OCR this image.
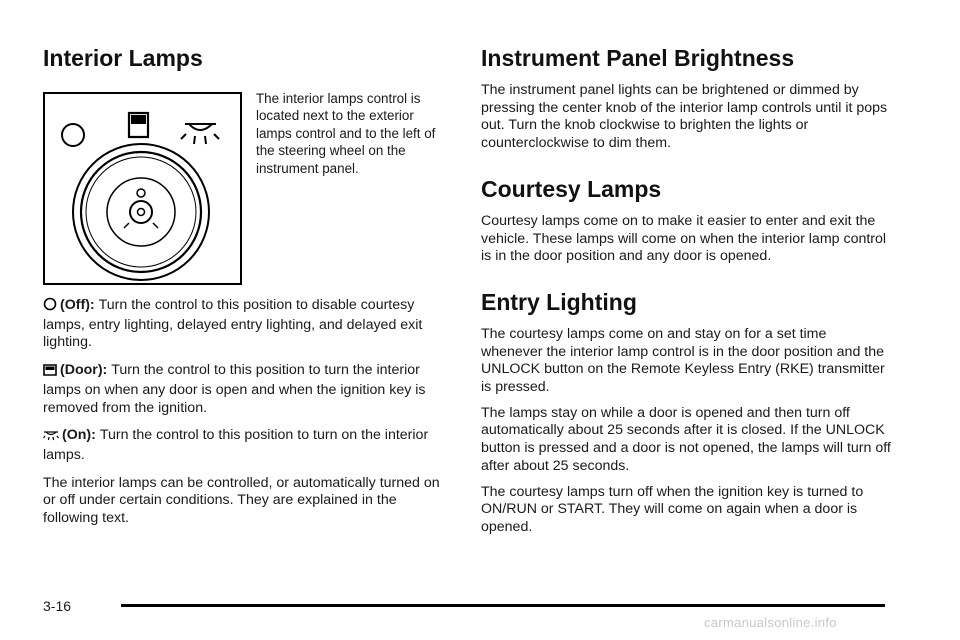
Interior Lamps

The interior lamps control is located next to the exterior lamps control and to the left of the steering wheel on the instrument panel.

(Off): Turn the control to this position to disable courtesy lamps, entry lighting, delayed entry lighting, and delayed exit lighting.

(Door): Turn the control to this position to turn the interior lamps on when any door is open and when the ignition key is removed from the ignition.

(On): Turn the control to this position to turn on the interior lamps.

The interior lamps can be controlled, or automatically turned on or off under certain conditions. They are explained in the following text.

Instrument Panel Brightness

The instrument panel lights can be brightened or dimmed by pressing the center knob of the interior lamp controls until it pops out. Turn the knob clockwise to brighten the lights or counterclockwise to dim them.

Courtesy Lamps

Courtesy lamps come on to make it easier to enter and exit the vehicle. These lamps will come on when the interior lamp control is in the door position and any door is opened.

Entry Lighting

The courtesy lamps come on and stay on for a set time whenever the interior lamp control is in the door position and the UNLOCK button on the Remote Keyless Entry (RKE) transmitter is pressed.

The lamps stay on while a door is opened and then turn off automatically about 25 seconds after it is closed. If the UNLOCK button is pressed and a door is not opened, the lamps will turn off after about 25 seconds.

The courtesy lamps turn off when the ignition key is turned to ON/RUN or START. They will come on again when a door is opened.

3-16
carmanualsonline.info
